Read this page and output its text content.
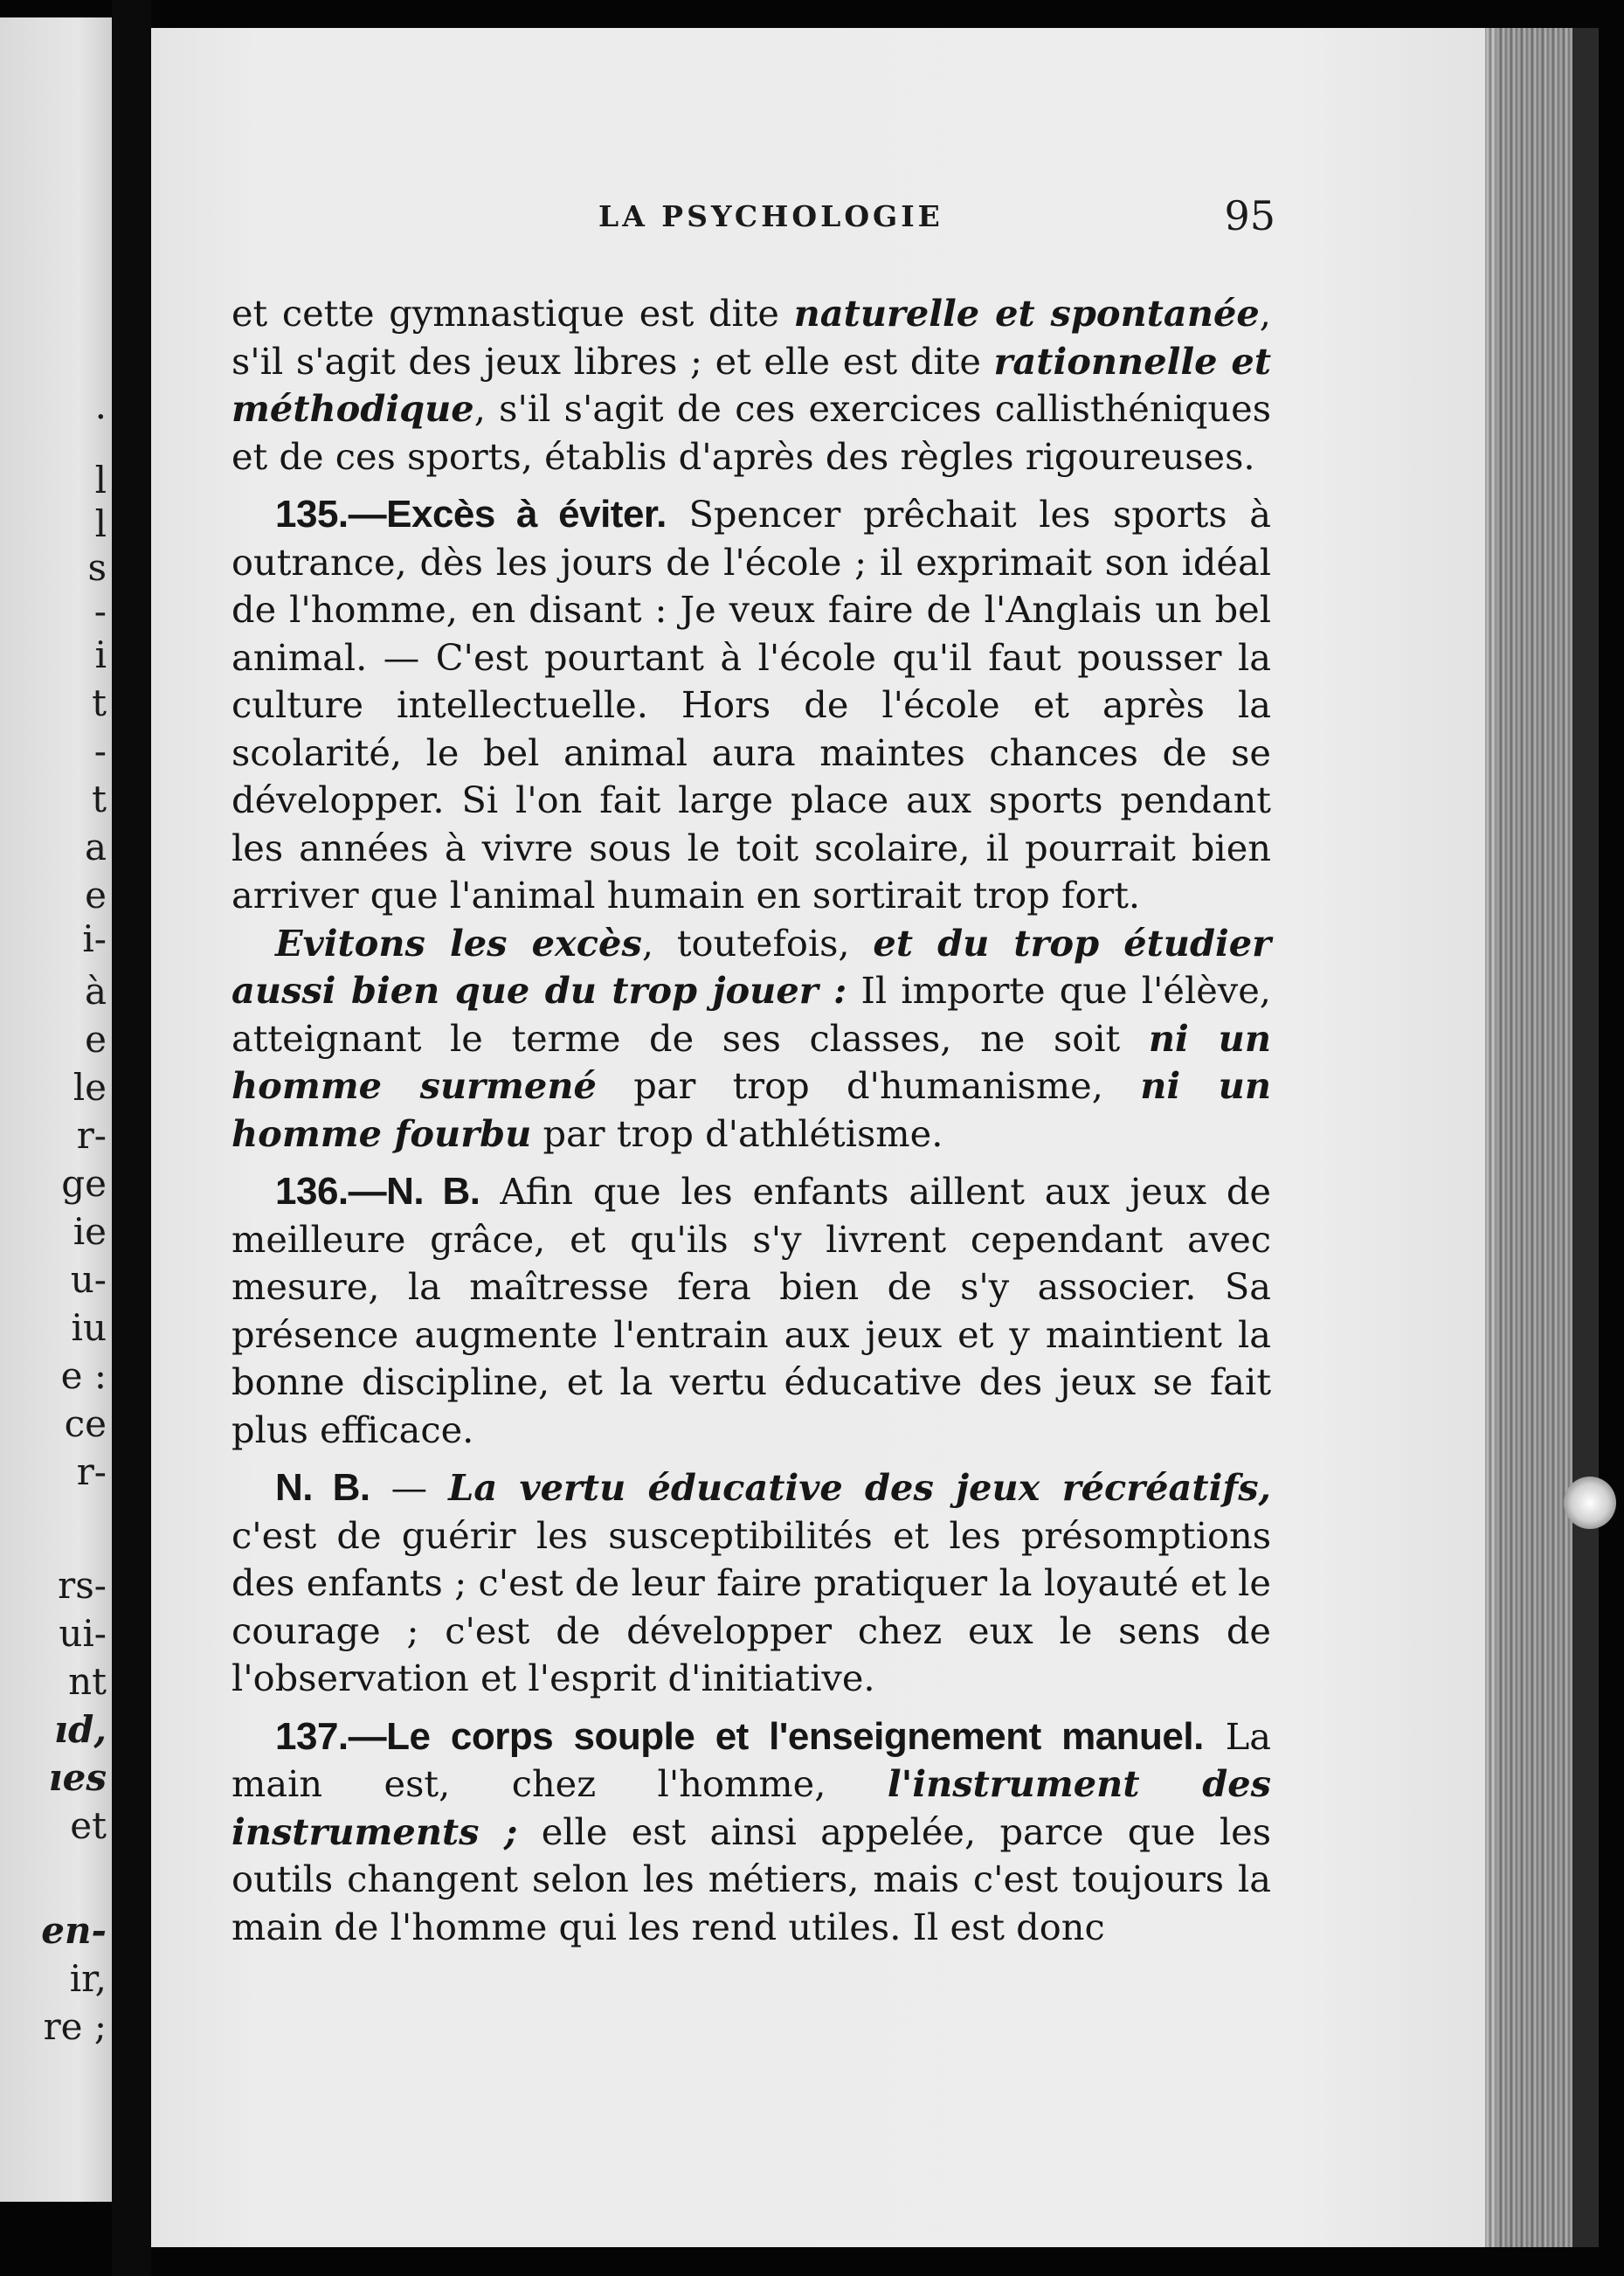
.
l
l
s
-
i
t
-
t
a
e
i-
à
e
le
r-
ge
ie
u-
iu
e :
ce
r-
rs-
ui-
nt
ıd,
ıes
et
en-
ir,
re ;
LA PSYCHOLOGIE	95

et cette gymnastique est dite naturelle et spontanée, s'il s'agit des jeux libres ; et elle est dite rationnelle et méthodique, s'il s'agit de ces exercices callisthéniques et de ces sports, établis d'après des règles rigoureuses.

135.—Excès à éviter. Spencer prêchait les sports à outrance, dès les jours de l'école ; il exprimait son idéal de l'homme, en disant : Je veux faire de l'Anglais un bel animal. — C'est pourtant à l'école qu'il faut pousser la culture intellectuelle. Hors de l'école et après la scolarité, le bel animal aura maintes chances de se développer. Si l'on fait large place aux sports pendant les années à vivre sous le toit scolaire, il pourrait bien arriver que l'animal humain en sortirait trop fort.

Evitons les excès, toutefois, et du trop étudier aussi bien que du trop jouer : Il importe que l'élève, atteignant le terme de ses classes, ne soit ni un homme surmené par trop d'humanisme, ni un homme fourbu par trop d'athlétisme.

136.—N. B. Afin que les enfants aillent aux jeux de meilleure grâce, et qu'ils s'y livrent cependant avec mesure, la maîtresse fera bien de s'y associer. Sa présence augmente l'entrain aux jeux et y maintient la bonne discipline, et la vertu éducative des jeux se fait plus efficace.

N. B. — La vertu éducative des jeux récréatifs, c'est de guérir les susceptibilités et les présomptions des enfants ; c'est de leur faire pratiquer la loyauté et le courage ; c'est de développer chez eux le sens de l'observation et l'esprit d'initiative.

137.—Le corps souple et l'enseignement manuel. La main est, chez l'homme, l'instrument des instruments ; elle est ainsi appelée, parce que les outils changent selon les métiers, mais c'est toujours la main de l'homme qui les rend utiles. Il est donc
